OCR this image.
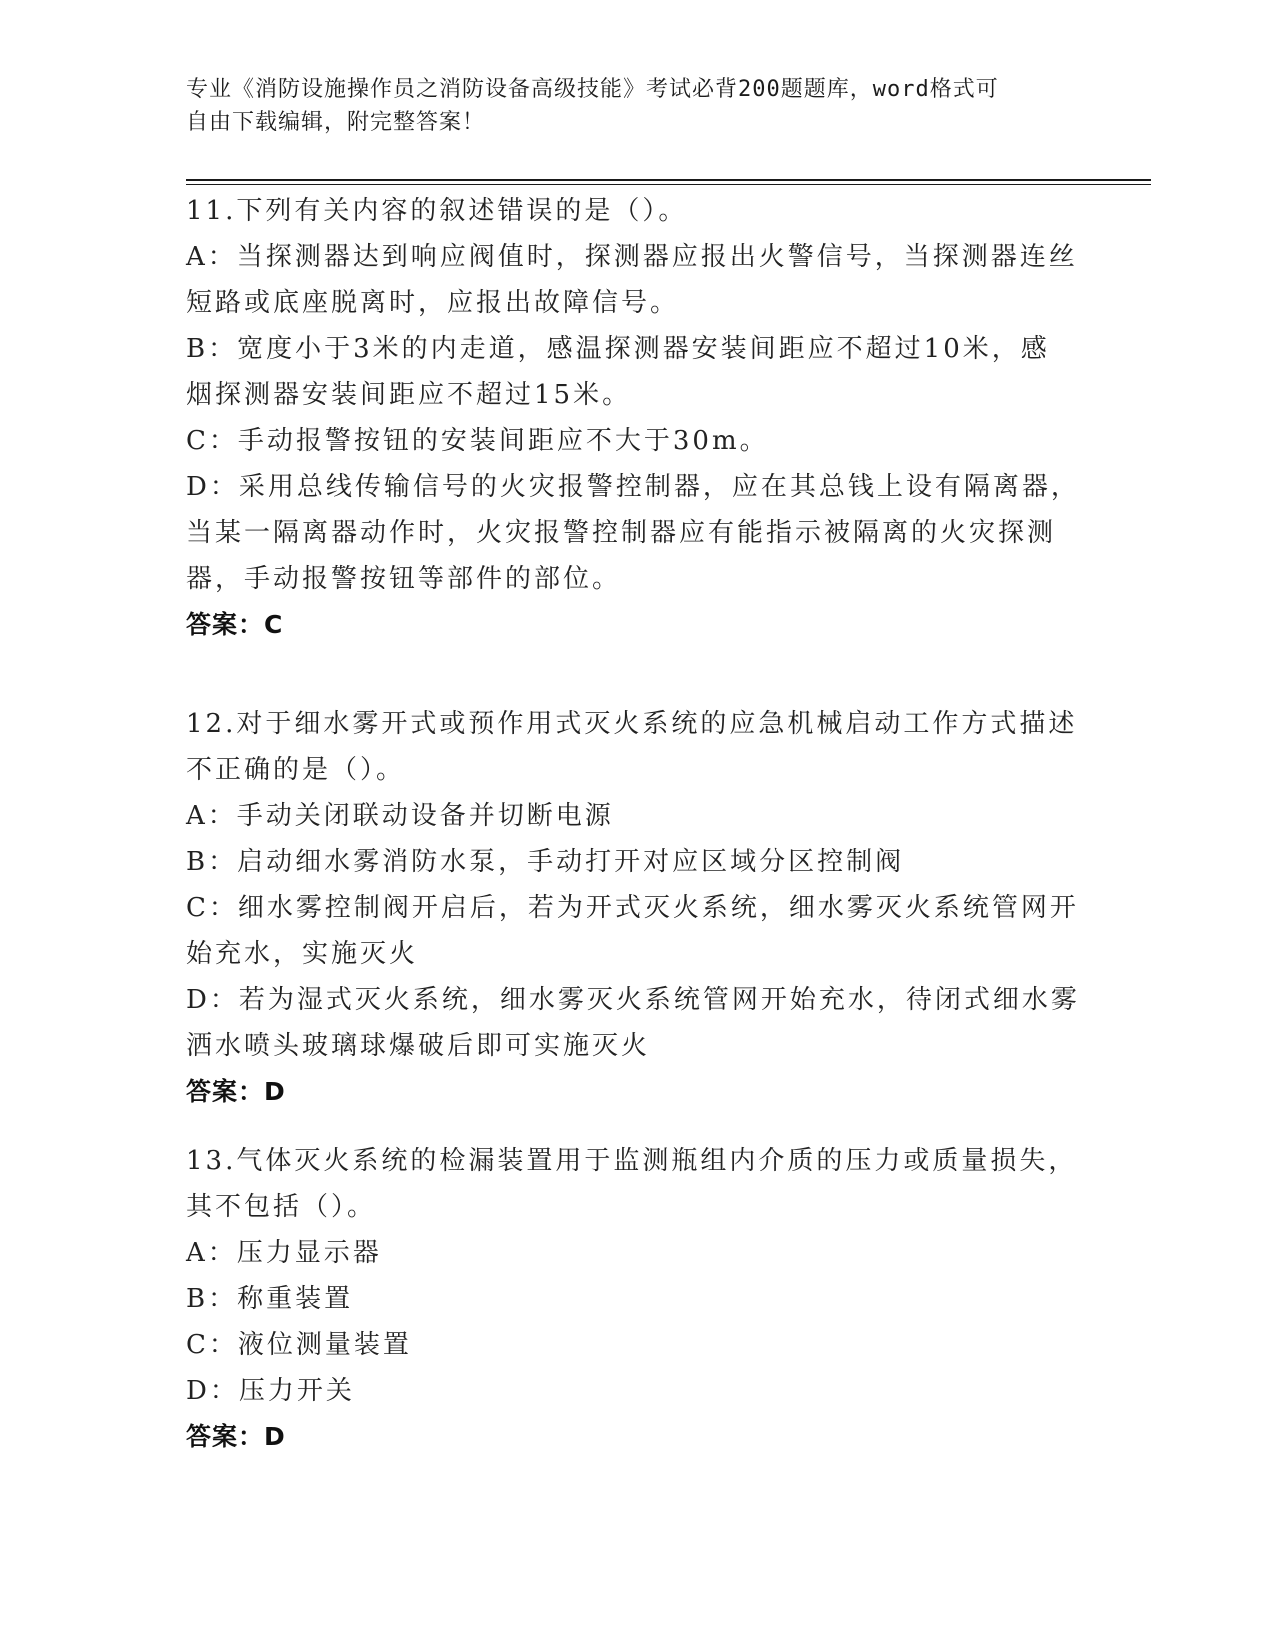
专业《消防设施操作员之消防设备高级技能》考试必背200题题库，word格式可
自由下载编辑，附完整答案！
11.下列有关内容的叙述错误的是（）。
A：当探测器达到响应阀值时，探测器应报出火警信号，当探测器连丝
短路或底座脱离时，应报出故障信号。
B：宽度小于3米的内走道，感温探测器安装间距应不超过10米，感
烟探测器安装间距应不超过15米。
C：手动报警按钮的安装间距应不大于30m。
D：采用总线传输信号的火灾报警控制器，应在其总钱上设有隔离器，
当某一隔离器动作时，火灾报警控制器应有能指示被隔离的火灾探测
器，手动报警按钮等部件的部位。
答案：C
12.对于细水雾开式或预作用式灭火系统的应急机械启动工作方式描述
不正确的是（）。
A：手动关闭联动设备并切断电源
B：启动细水雾消防水泵，手动打开对应区域分区控制阀
C：细水雾控制阀开启后，若为开式灭火系统，细水雾灭火系统管网开
始充水，实施灭火
D：若为湿式灭火系统，细水雾灭火系统管网开始充水，待闭式细水雾
洒水喷头玻璃球爆破后即可实施灭火
答案：D
13.气体灭火系统的检漏装置用于监测瓶组内介质的压力或质量损失，
其不包括（）。
A：压力显示器
B：称重装置
C：液位测量装置
D：压力开关
答案：D
